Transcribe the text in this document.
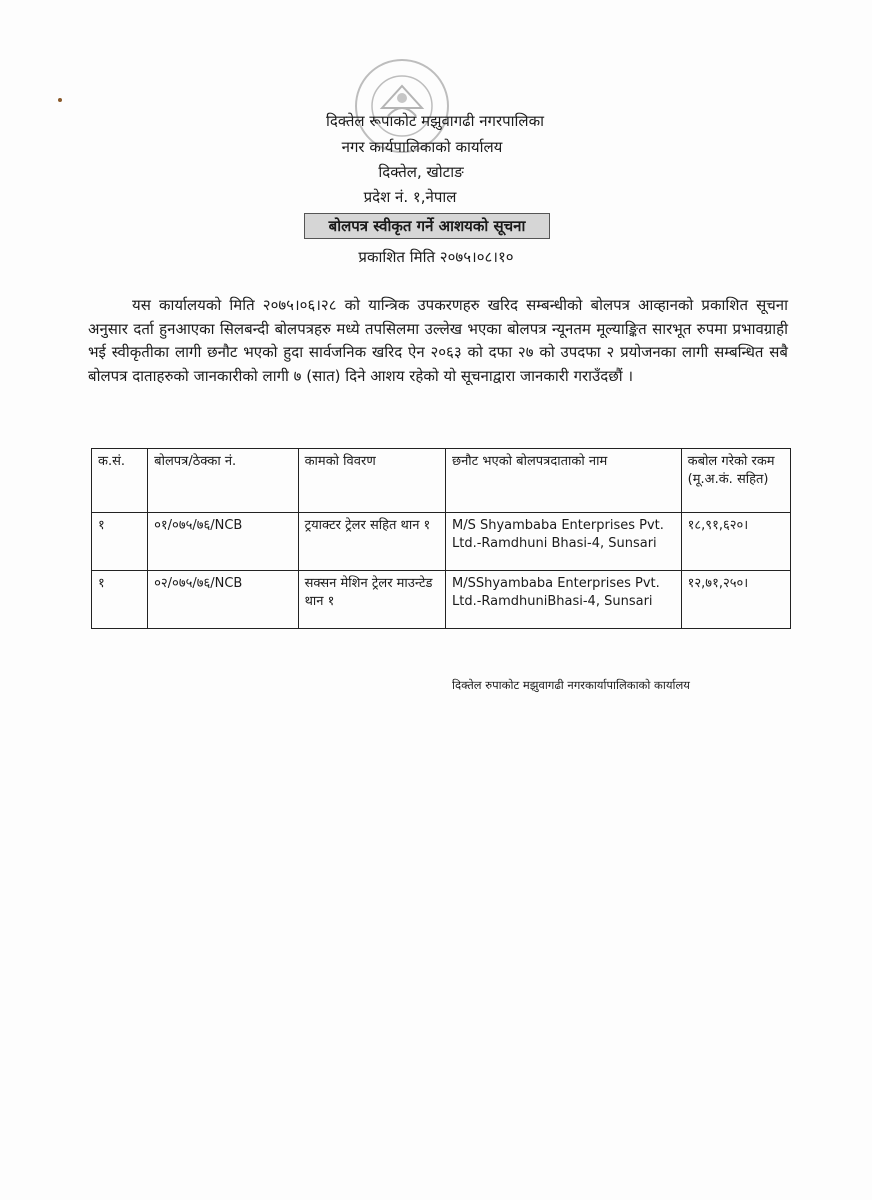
दिक्तेल रूपाकोट मझुवागढी नगरपालिका
नगर कार्यपालिकाको कार्यालय
दिक्तेल, खोटाङ
प्रदेश नं. १,नेपाल
बोलपत्र स्वीकृत गर्ने आशयको सूचना
प्रकाशित मिति २०७५।०८।१०
यस कार्यालयको मिति २०७५।०६।२८ को यान्त्रिक उपकरणहरु खरिद सम्बन्धीको बोलपत्र आव्हानको प्रकाशित सूचना अनुसार दर्ता हुनआएका सिलबन्दी बोलपत्रहरु मध्ये तपसिलमा उल्लेख भएका बोलपत्र न्यूनतम मूल्याङ्कित सारभूत रुपमा प्रभावग्राही भई स्वीकृतीका लागी छनौट भएको हुदा सार्वजनिक खरिद ऐन २०६३ को दफा २७ को उपदफा २ प्रयोजनका लागी सम्बन्धित सबै बोलपत्र दाताहरुको जानकारीको लागी ७ (सात) दिने आशय रहेको यो सूचनाद्वारा जानकारी गराउँदछौं ।
क.सं.	बोलपत्र/ठेक्का नं.	कामको विवरण	छनौट भएको बोलपत्रदाताको नाम	कबोल गरेको रकम
(मू.अ.कं. सहित)

१	०१/०७५/७६/NCB	ट्रयाक्टर ट्रेलर सहित थान १	M/S Shyambaba Enterprises Pvt. Ltd.-Ramdhuni Bhasi-4, Sunsari	१८,९१,६२०।
१	०२/०७५/७६/NCB	सक्सन मेशिन ट्रेलर माउन्टेड थान १	M/SShyambaba Enterprises Pvt. Ltd.-RamdhuniBhasi-4, Sunsari	१२,७१,२५०।
दिक्तेल रुपाकोट मझुवागढी नगरकार्यापालिकाको कार्यालय
